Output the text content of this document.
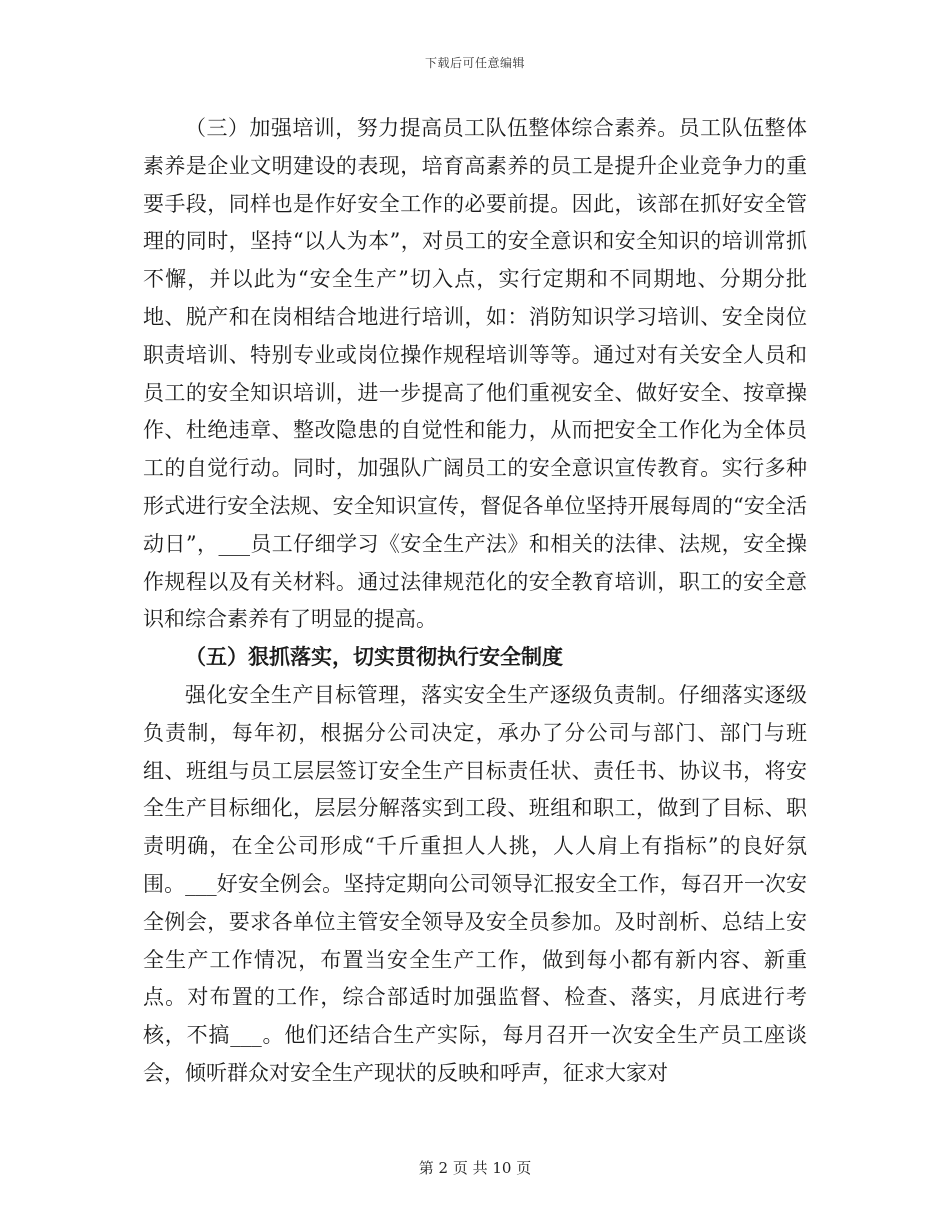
下载后可任意编辑

（三）加强培训，努力提高员工队伍整体综合素养。员工队伍整体素养是企业文明建设的表现，培育高素养的员工是提升企业竞争力的重要手段，同样也是作好安全工作的必要前提。因此，该部在抓好安全管理的同时，坚持“以人为本”，对员工的安全意识和安全知识的培训常抓不懈，并以此为“安全生产”切入点，实行定期和不同期地、分期分批地、脱产和在岗相结合地进行培训，如：消防知识学习培训、安全岗位职责培训、特别专业或岗位操作规程培训等等。通过对有关安全人员和员工的安全知识培训，进一步提高了他们重视安全、做好安全、按章操作、杜绝违章、整改隐患的自觉性和能力，从而把安全工作化为全体员工的自觉行动。同时，加强队广阔员工的安全意识宣传教育。实行多种形式进行安全法规、安全知识宣传，督促各单位坚持开展每周的“安全活动日”，___员工仔细学习《安全生产法》和相关的法律、法规，安全操作规程以及有关材料。通过法律规范化的安全教育培训，职工的安全意识和综合素养有了明显的提高。

（五）狠抓落实，切实贯彻执行安全制度

强化安全生产目标管理，落实安全生产逐级负责制。仔细落实逐级负责制，每年初，根据分公司决定，承办了分公司与部门、部门与班组、班组与员工层层签订安全生产目标责任状、责任书、协议书，将安全生产目标细化，层层分解落实到工段、班组和职工，做到了目标、职责明确，在全公司形成“千斤重担人人挑，人人肩上有指标”的良好氛围。___好安全例会。坚持定期向公司领导汇报安全工作，每召开一次安全例会，要求各单位主管安全领导及安全员参加。及时剖析、总结上安全生产工作情况，布置当安全生产工作，做到每小都有新内容、新重点。对布置的工作，综合部适时加强监督、检查、落实，月底进行考核，不搞___。他们还结合生产实际，每月召开一次安全生产员工座谈会，倾听群众对安全生产现状的反映和呼声，征求大家对

第 2 页 共 10 页
